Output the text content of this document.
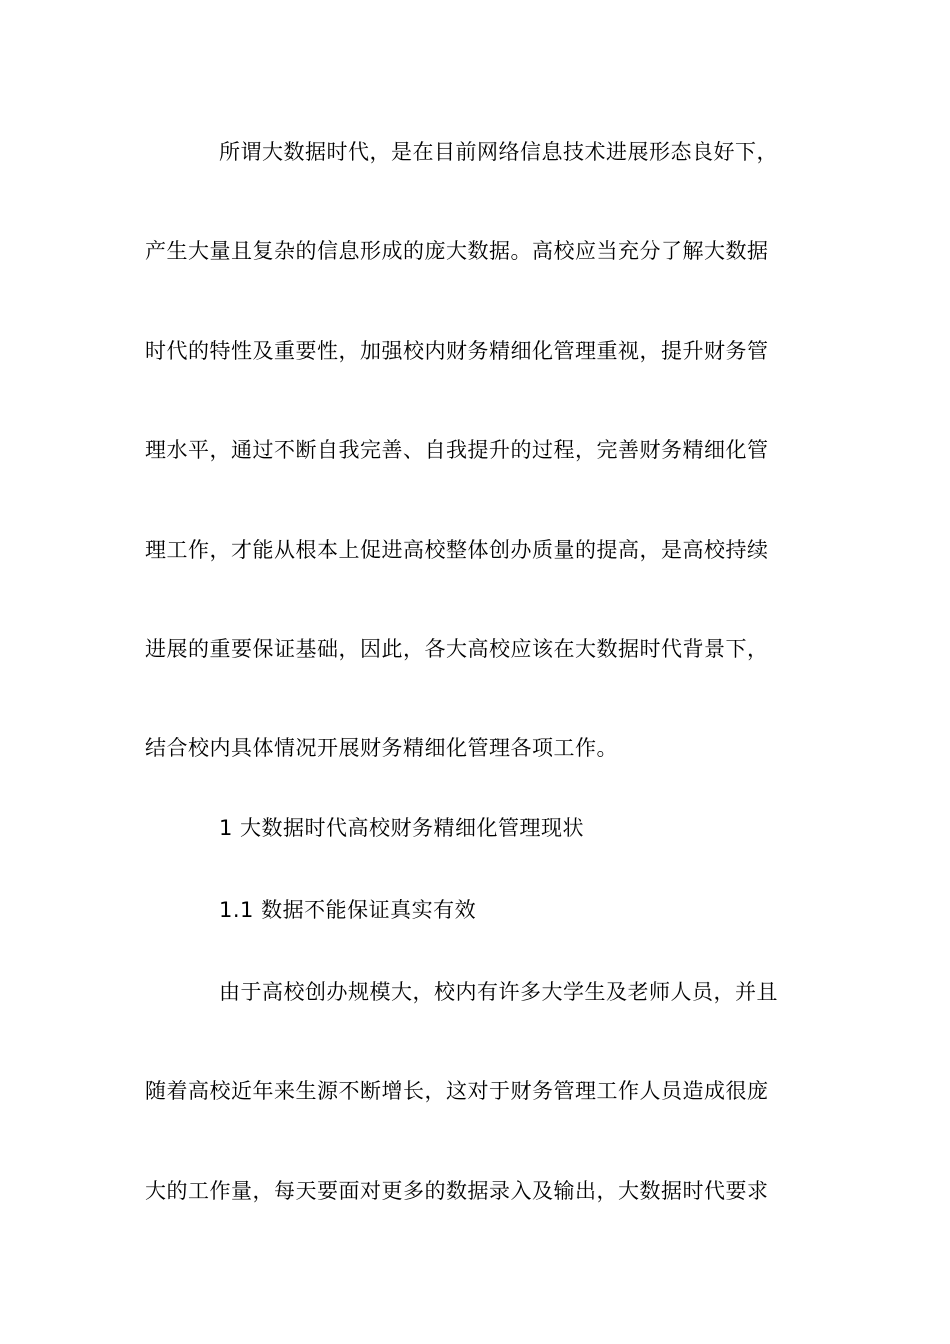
所谓大数据时代，是在目前网络信息技术进展形态良好下，
产生大量且复杂的信息形成的庞大数据。高校应当充分了解大数据
时代的特性及重要性，加强校内财务精细化管理重视，提升财务管
理水平，通过不断自我完善、自我提升的过程，完善财务精细化管
理工作，才能从根本上促进高校整体创办质量的提高，是高校持续
进展的重要保证基础，因此，各大高校应该在大数据时代背景下，
结合校内具体情况开展财务精细化管理各项工作。
1 大数据时代高校财务精细化管理现状
1.1 数据不能保证真实有效
由于高校创办规模大，校内有许多大学生及老师人员，并且
随着高校近年来生源不断增长，这对于财务管理工作人员造成很庞
大的工作量，每天要面对更多的数据录入及输出，大数据时代要求
